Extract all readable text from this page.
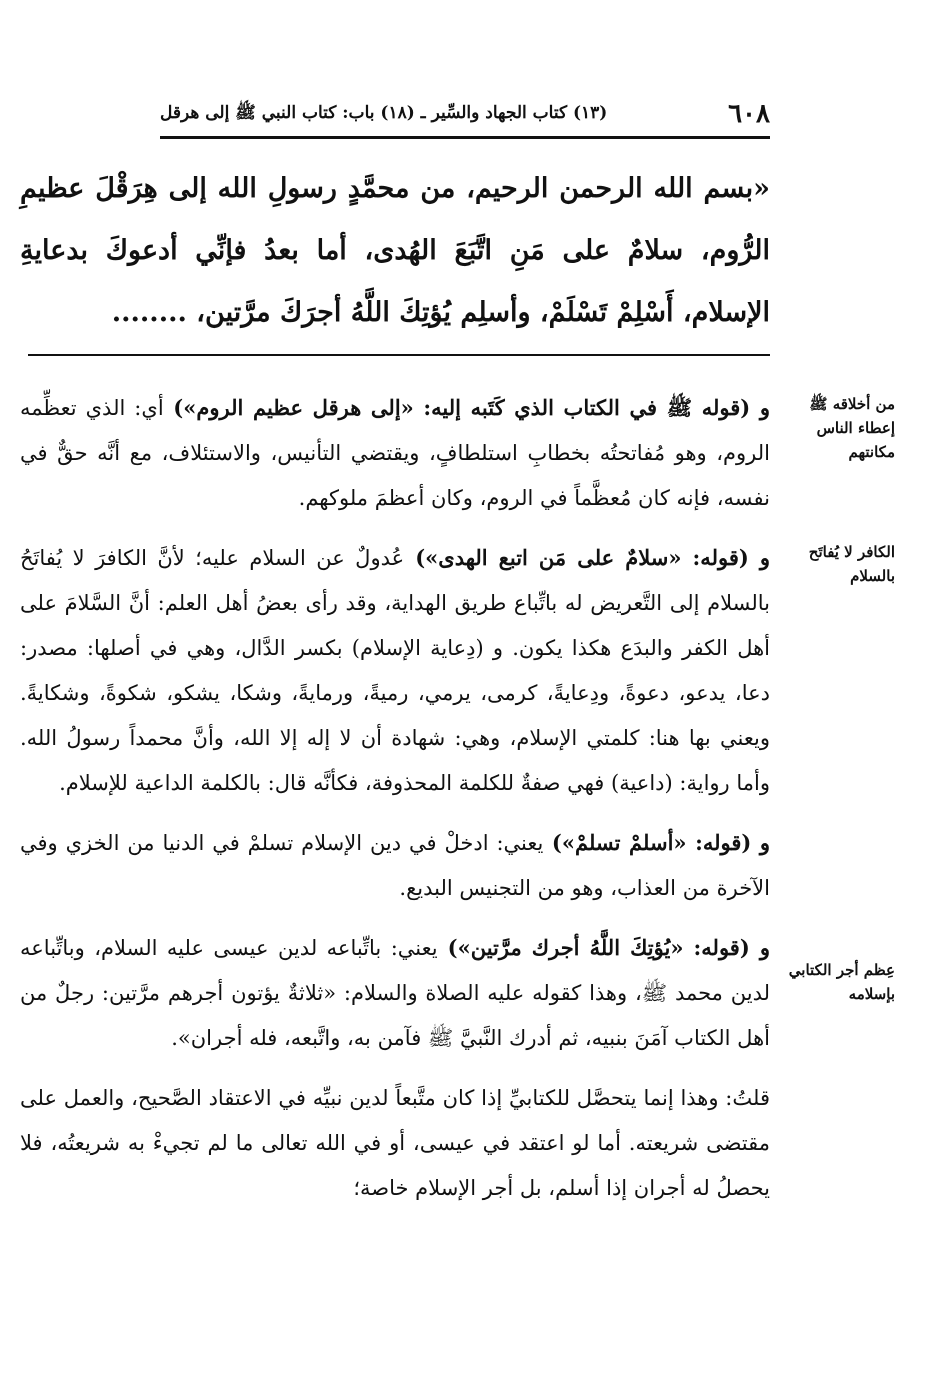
٦٠٨
(١٣) كتاب الجهاد والسِّير ـ (١٨) باب: كتاب النبي ﷺ إلى هرقل
«بسم الله الرحمن الرحيم، من محمَّدٍ رسولِ الله إلى هِرَقْلَ عظيمِ الرُّوم، سلامٌ على مَنِ اتَّبَعَ الهُدى، أما بعدُ فإنِّي أدعوكَ بدعايةِ الإسلام، أَسْلِمْ تَسْلَمْ، وأسلِم يُؤتِكَ اللَّهُ أجرَكَ مرَّتين، ........
من أخلاقه ﷺ إعطاء الناس مكانتهم
الكافر لا يُفاتَح بالسلام
عِظم أجر الكتابي بإسلامه

و (قوله ﷺ في الكتاب الذي كَتَبه إليه: «إلى هرقل عظيم الروم») أي: الذي تعظِّمه الروم، وهو مُفاتحتُه بخطابِ استلطافٍ، ويقتضي التأنيس، والاستئلاف، مع أنَّه حقٌّ في نفسه، فإنه كان مُعظَّماً في الروم، وكان أعظمَ ملوكهم.

و (قوله: «سلامٌ على مَن اتبع الهدى») عُدولٌ عن السلام عليه؛ لأنَّ الكافرَ لا يُفاتَحُ بالسلام إلى التَّعريض له باتِّباع طريق الهداية، وقد رأى بعضُ أهل العلم: أنَّ السَّلامَ على أهل الكفر والبدَع هكذا يكون. و (دِعاية الإسلام) بكسر الدَّال، وهي في أصلها: مصدر: دعا، يدعو، دعوةً، ودِعايةً، كرمى، يرمي، رميةً، ورمايةً، وشكا، يشكو، شكوةً، وشكايةً. ويعني بها هنا: كلمتي الإسلام، وهي: شهادة أن لا إله إلا الله، وأنَّ محمداً رسولُ الله. وأما رواية: (داعية) فهي صفةٌ للكلمة المحذوفة، فكأنَّه قال: بالكلمة الداعية للإسلام.

و (قوله: «أسلمْ تسلمْ») يعني: ادخلْ في دين الإسلام تسلمْ في الدنيا من الخزي وفي الآخرة من العذاب، وهو من التجنيس البديع.

و (قوله: «يُؤتِكَ اللَّهُ أجرك مرَّتين») يعني: باتِّباعه لدين عيسى عليه السلام، وباتِّباعه لدين محمد ﷺ، وهذا كقوله عليه الصلاة والسلام: «ثلاثةٌ يؤتون أجرهم مرَّتين: رجلٌ من أهل الكتاب آمَنَ بنبيه، ثم أدرك النَّبيَّ ﷺ فآمن به، واتَّبعه، فله أجران».

قلتُ: وهذا إنما يتحصَّل للكتابيِّ إذا كان متَّبعاً لدين نبيِّه في الاعتقاد الصَّحيح، والعمل على مقتضى شريعته. أما لو اعتقد في عيسى، أو في الله تعالى ما لم تجيءْ به شريعتُه، فلا يحصلُ له أجران إذا أسلم، بل أجر الإسلام خاصة؛
